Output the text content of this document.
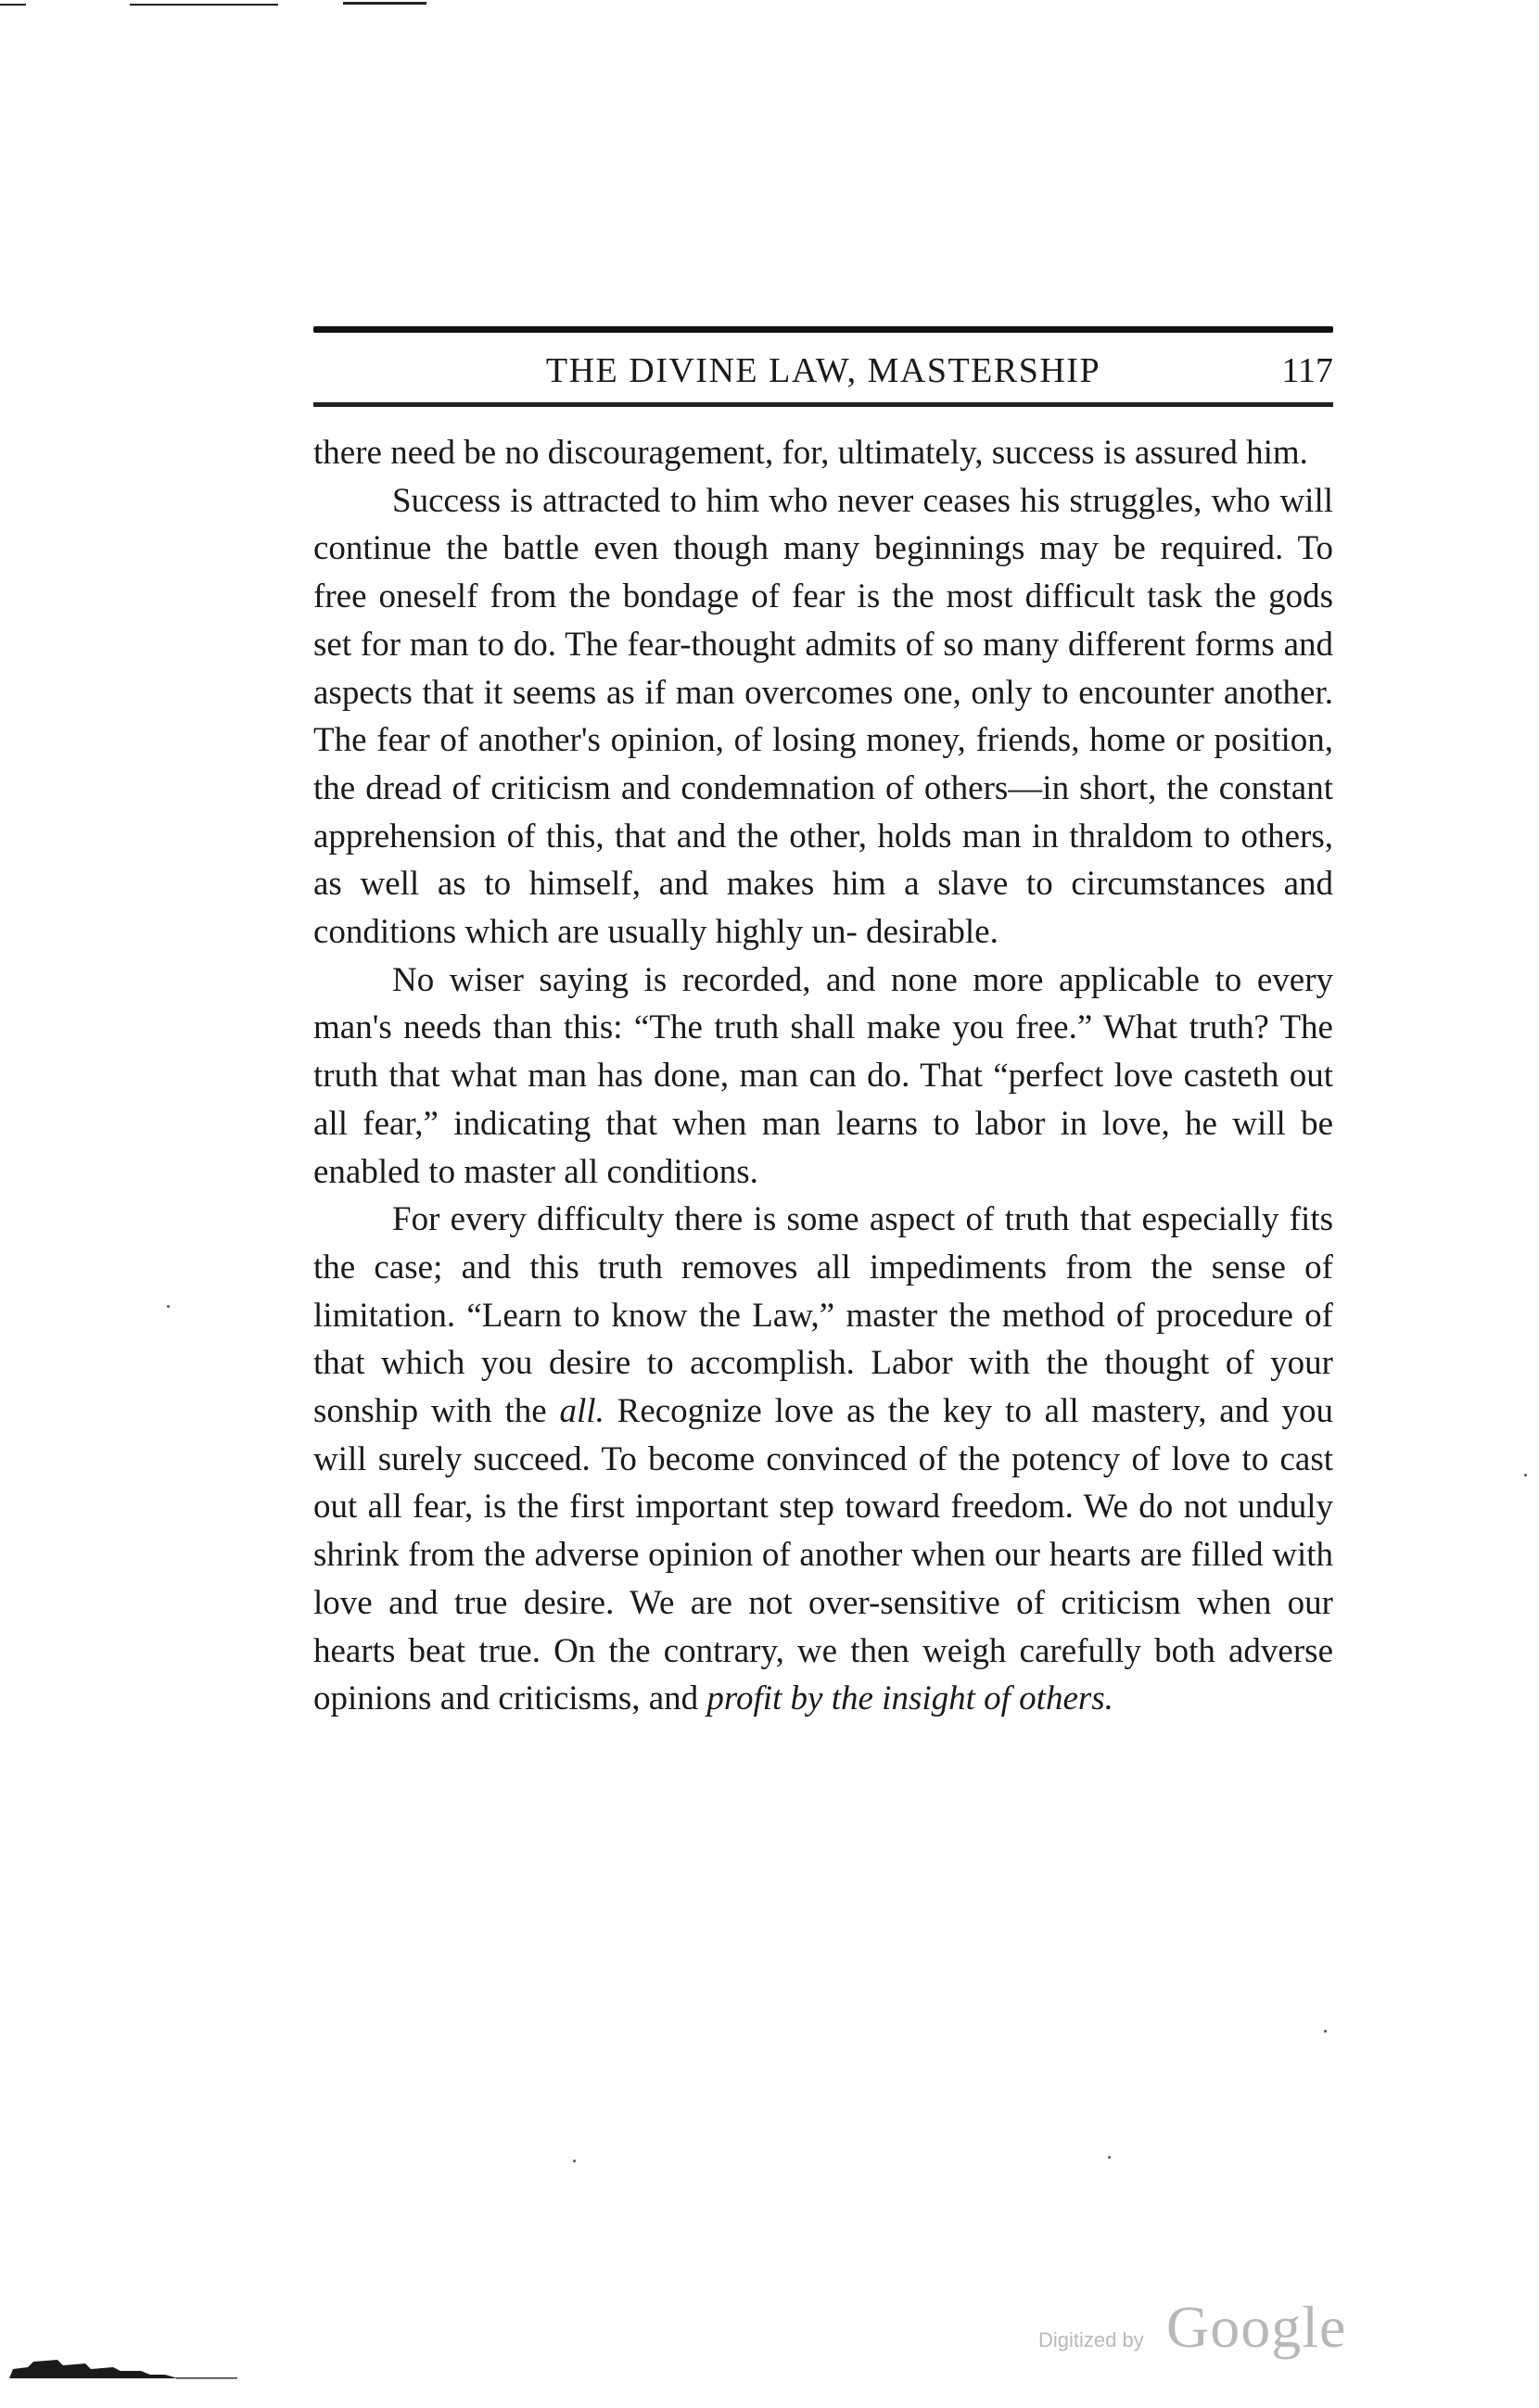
THE DIVINE LAW, MASTERSHIP	117

there need be no discouragement, for, ultimately, success is assured him.

Success is attracted to him who never ceases his struggles, who will continue the battle even though many beginnings may be required. To free oneself from the bondage of fear is the most difficult task the gods set for man to do. The fear-thought admits of so many different forms and aspects that it seems as if man overcomes one, only to encounter another. The fear of another's opinion, of losing money, friends, home or position, the dread of criticism and condemnation of others—in short, the constant apprehension of this, that and the other, holds man in thraldom to others, as well as to himself, and makes him a slave to circumstances and conditions which are usually highly un- desirable.

No wiser saying is recorded, and none more applicable to every man's needs than this: “The truth shall make you free.” What truth? The truth that what man has done, man can do. That “perfect love casteth out all fear,” indicating that when man learns to labor in love, he will be enabled to master all conditions.

For every difficulty there is some aspect of truth that especially fits the case; and this truth removes all impediments from the sense of limitation. “Learn to know the Law,” master the method of procedure of that which you desire to accomplish. Labor with the thought of your sonship with the all. Recognize love as the key to all mastery, and you will surely succeed. To become convinced of the potency of love to cast out all fear, is the first important step toward freedom. We do not unduly shrink from the adverse opinion of another when our hearts are filled with love and true desire. We are not over-sensitive of criticism when our hearts beat true. On the contrary, we then weigh carefully both adverse opinions and criticisms, and profit by the insight of others.

Digitized by Google
